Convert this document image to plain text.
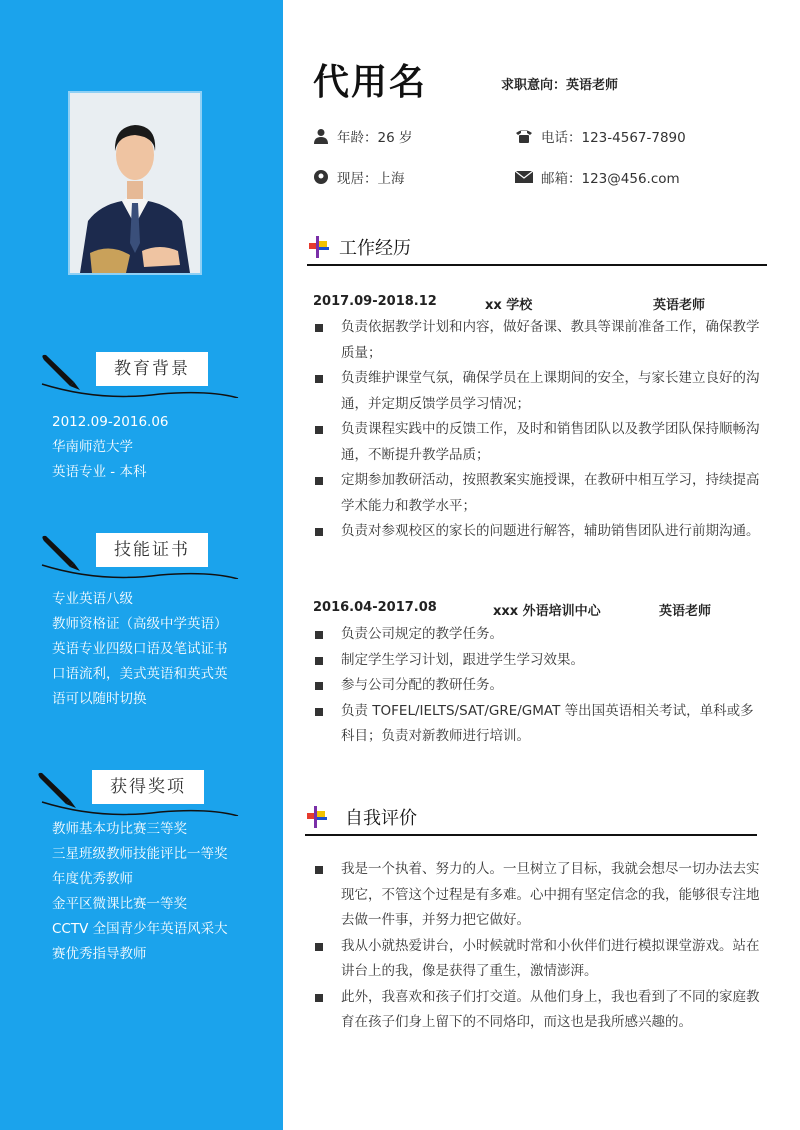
教育背景
2012.09-2016.06
华南师范大学
英语专业 - 本科
技能证书
专业英语八级
教师资格证（高级中学英语）
英语专业四级口语及笔试证书
口语流利，美式英语和英式英
语可以随时切换
获得奖项
教师基本功比赛三等奖
三星班级教师技能评比一等奖
年度优秀教师
金平区微课比赛一等奖
CCTV 全国青少年英语风采大
赛优秀指导教师
代用名	求职意向：英语老师
年龄：26 岁	电话：123-4567-7890
现居：上海	邮箱：123@456.com
工作经历
2017.09-2018.12	xx 学校	英语老师
负责依据教学计划和内容，做好备课、教具等课前准备工作，确保教学质量；
负责维护课堂气氛，确保学员在上课期间的安全，与家长建立良好的沟通，并定期反馈学员学习情况；
负责课程实践中的反馈工作，及时和销售团队以及教学团队保持顺畅沟通，不断提升教学品质；
定期参加教研活动，按照教案实施授课，在教研中相互学习，持续提高学术能力和教学水平；
负责对参观校区的家长的问题进行解答，辅助销售团队进行前期沟通。
2016.04-2017.08	xxx 外语培训中心	英语老师
负责公司规定的教学任务。
制定学生学习计划，跟进学生学习效果。
参与公司分配的教研任务。
负责 TOFEL/IELTS/SAT/GRE/GMAT 等出国英语相关考试，单科或多科目；负责对新教师进行培训。
自我评价
我是一个执着、努力的人。一旦树立了目标，我就会想尽一切办法去实现它，不管这个过程是有多难。心中拥有坚定信念的我，能够很专注地去做一件事，并努力把它做好。
我从小就热爱讲台，小时候就时常和小伙伴们进行模拟课堂游戏。站在讲台上的我，像是获得了重生，激情澎湃。
此外，我喜欢和孩子们打交道。从他们身上，我也看到了不同的家庭教育在孩子们身上留下的不同烙印，而这也是我所感兴趣的。
